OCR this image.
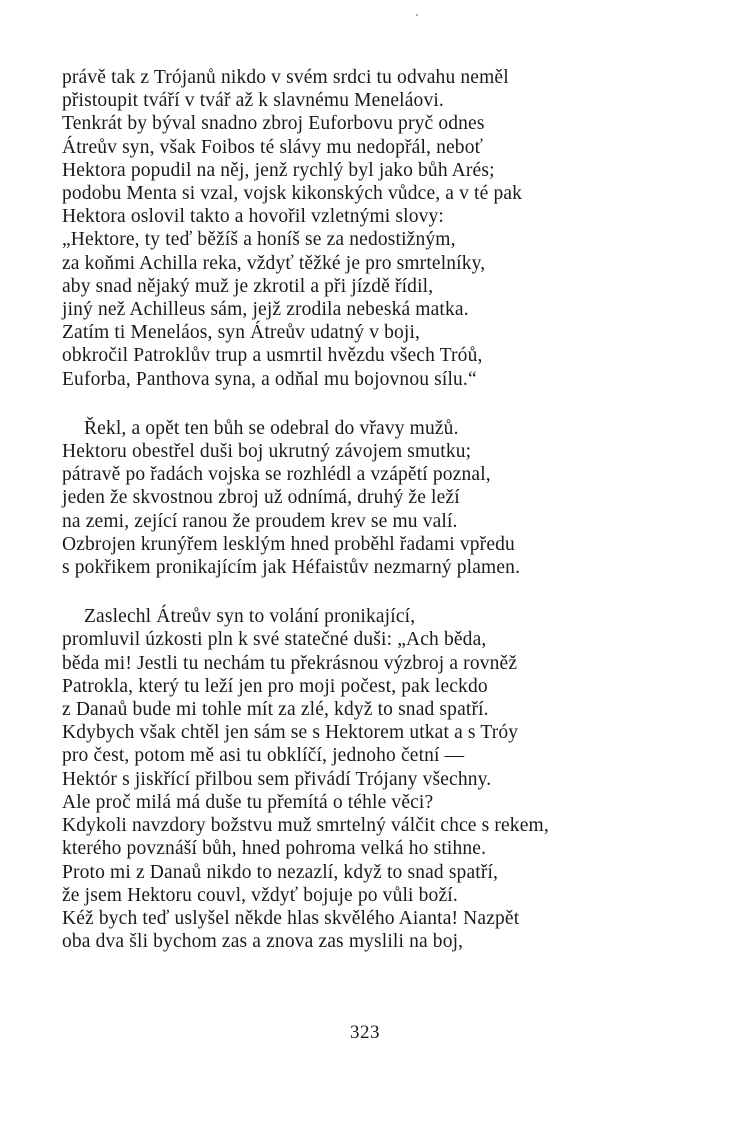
právě tak z Trójanů nikdo v svém srdci tu odvahu neměl
přistoupit tváří v tvář až k slavnému Meneláovi.
Tenkrát by býval snadno zbroj Euforbovu pryč odnes
Átreův syn, však Foibos té slávy mu nedopřál, neboť
Hektora popudil na něj, jenž rychlý byl jako bůh Arés;
podobu Menta si vzal, vojsk kikonských vůdce, a v té pak
Hektora oslovil takto a hovořil vzletnými slovy:
„Hektore, ty teď běžíš a honíš se za nedostižným,
za koňmi Achilla reka, vždyť těžké je pro smrtelníky,
aby snad nějaký muž je zkrotil a při jízdě řídil,
jiný než Achilleus sám, jejž zrodila nebeská matka.
Zatím ti Meneláos, syn Átreův udatný v boji,
obkročil Patroklův trup a usmrtil hvězdu všech Tróů,
Euforba, Panthova syna, a odňal mu bojovnou sílu.“
Řekl, a opět ten bůh se odebral do vřavy mužů.
Hektoru obestřel duši boj ukrutný závojem smutku;
pátravě po řadách vojska se rozhlédl a vzápětí poznal,
jeden že skvostnou zbroj už odnímá, druhý že leží
na zemi, zející ranou že proudem krev se mu valí.
Ozbrojen krunýřem lesklým hned proběhl řadami vpředu
s pokřikem pronikajícím jak Héfaistův nezmarný plamen.
Zaslechl Átreův syn to volání pronikající,
promluvil úzkosti pln k své statečné duši: „Ach běda,
běda mi! Jestli tu nechám tu překrásnou výzbroj a rovněž
Patrokla, který tu leží jen pro moji počest, pak leckdo
z Danaů bude mi tohle mít za zlé, když to snad spatří.
Kdybych však chtěl jen sám se s Hektorem utkat a s Tróy
pro čest, potom mě asi tu obklíčí, jednoho četní —
Hektór s jiskřící přilbou sem přivádí Trójany všechny.
Ale proč milá má duše tu přemítá o téhle věci?
Kdykoli navzdory božstvu muž smrtelný válčit chce s rekem,
kterého povznáší bůh, hned pohroma velká ho stihne.
Proto mi z Danaů nikdo to nezazlí, když to snad spatří,
že jsem Hektoru couvl, vždyť bojuje po vůli boží.
Kéž bych teď uslyšel někde hlas skvělého Aianta! Nazpět
oba dva šli bychom zas a znova zas myslili na boj,
323
